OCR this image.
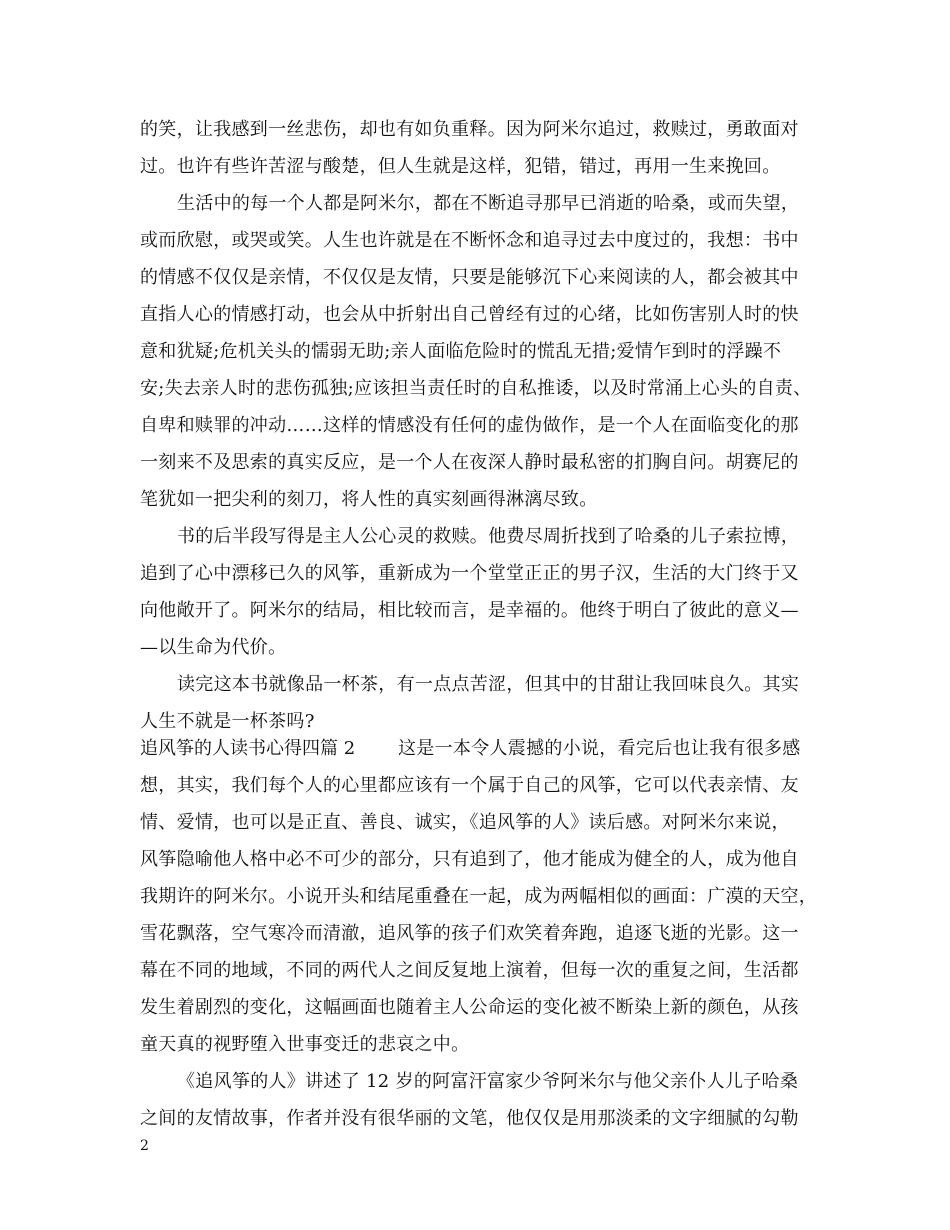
的笑，让我感到一丝悲伤，却也有如负重释。因为阿米尔追过，救赎过，勇敢面对
过。也许有些许苦涩与酸楚，但人生就是这样，犯错，错过，再用一生来挽回。
生活中的每一个人都是阿米尔，都在不断追寻那早已消逝的哈桑，或而失望，
或而欣慰，或哭或笑。人生也许就是在不断怀念和追寻过去中度过的，我想：书中
的情感不仅仅是亲情，不仅仅是友情，只要是能够沉下心来阅读的人，都会被其中
直指人心的情感打动，也会从中折射出自己曾经有过的心绪，比如伤害别人时的快
意和犹疑;危机关头的懦弱无助;亲人面临危险时的慌乱无措;爱情乍到时的浮躁不
安;失去亲人时的悲伤孤独;应该担当责任时的自私推诿，以及时常涌上心头的自责、
自卑和赎罪的冲动……这样的情感没有任何的虚伪做作，是一个人在面临变化的那
一刻来不及思索的真实反应，是一个人在夜深人静时最私密的扪胸自问。胡赛尼的
笔犹如一把尖利的刻刀，将人性的真实刻画得淋漓尽致。
书的后半段写得是主人公心灵的救赎。他费尽周折找到了哈桑的儿子索拉博，
追到了心中漂移已久的风筝，重新成为一个堂堂正正的男子汉，生活的大门终于又
向他敞开了。阿米尔的结局，相比较而言，是幸福的。他终于明白了彼此的意义—
—以生命为代价。
读完这本书就像品一杯茶，有一点点苦涩，但其中的甘甜让我回味良久。其实
人生不就是一杯茶吗?
追风筝的人读书心得四篇 2 这是一本令人震撼的小说，看完后也让我有很多感
想，其实，我们每个人的心里都应该有一个属于自己的风筝，它可以代表亲情、友
情、爱情，也可以是正直、善良、诚实，《追风筝的人》读后感。对阿米尔来说，
风筝隐喻他人格中必不可少的部分，只有追到了，他才能成为健全的人，成为他自
我期许的阿米尔。小说开头和结尾重叠在一起，成为两幅相似的画面：广漠的天空，
雪花飘落，空气寒冷而清澈，追风筝的孩子们欢笑着奔跑，追逐飞逝的光影。这一
幕在不同的地域，不同的两代人之间反复地上演着，但每一次的重复之间，生活都
发生着剧烈的变化，这幅画面也随着主人公命运的变化被不断染上新的颜色，从孩
童天真的视野堕入世事变迁的悲哀之中。
《追风筝的人》讲述了 12 岁的阿富汗富家少爷阿米尔与他父亲仆人儿子哈桑
之间的友情故事，作者并没有很华丽的文笔，他仅仅是用那淡柔的文字细腻的勾勒
2
